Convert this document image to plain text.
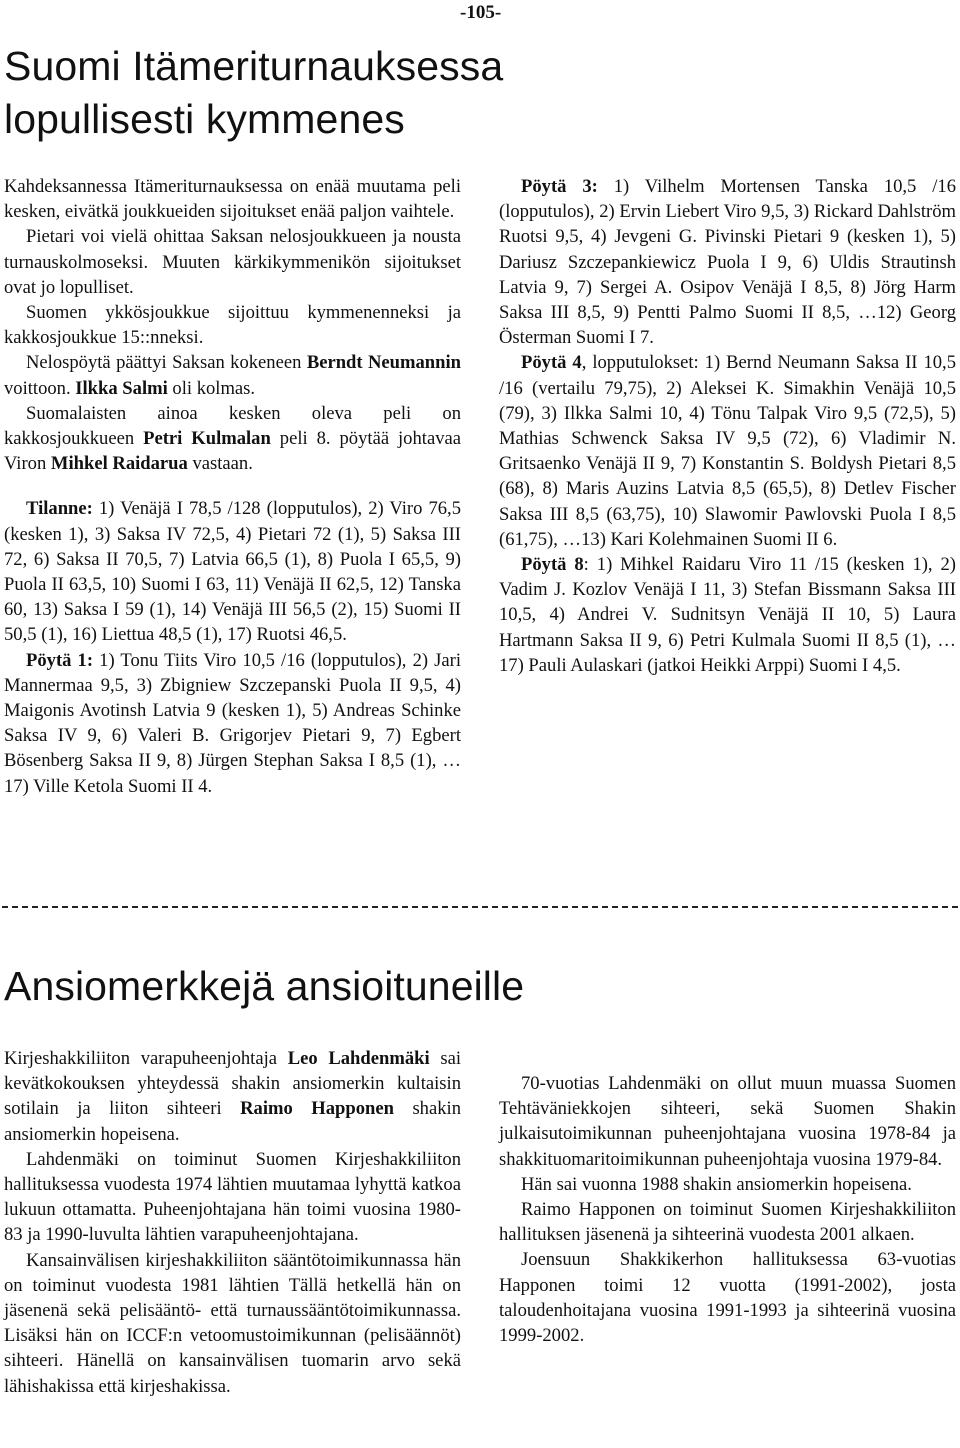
-105-
Suomi Itämeriturnauksessa
lopullisesti kymmenes

Kahdeksannessa Itämeriturnauksessa on enää muutama peli kesken, eivätkä joukkueiden sijoitukset enää paljon vaihtele.

Pietari voi vielä ohittaa Saksan nelosjoukkueen ja nousta turnauskolmoseksi. Muuten kärkikymmenikön sijoitukset ovat jo lopulliset.

Suomen ykkösjoukkue sijoittuu kymmenenneksi ja kakkosjoukkue 15::nneksi.

Nelospöytä päättyi Saksan kokeneen Berndt Neumannin voittoon. Ilkka Salmi oli kolmas.

Suomalaisten ainoa kesken oleva peli on kakkosjoukkueen Petri Kulmalan peli 8. pöytää johtavaa Viron Mihkel Raidarua vastaan.

Tilanne: 1) Venäjä I 78,5 /128 (lopputulos), 2) Viro 76,5 (kesken 1), 3) Saksa IV 72,5, 4) Pietari 72 (1), 5) Saksa III 72, 6) Saksa II 70,5, 7) Latvia 66,5 (1), 8) Puola I 65,5, 9) Puola II 63,5, 10) Suomi I 63, 11) Venäjä II 62,5, 12) Tanska 60, 13) Saksa I 59 (1), 14) Venäjä III 56,5 (2), 15) Suomi II 50,5 (1), 16) Liettua 48,5 (1), 17) Ruotsi 46,5.

Pöytä 1: 1) Tonu Tiits Viro 10,5 /16 (lopputulos), 2) Jari Mannermaa 9,5, 3) Zbigniew Szczepanski Puola II 9,5, 4) Maigonis Avotinsh Latvia 9 (kesken 1), 5) Andreas Schinke Saksa IV 9, 6) Valeri B. Grigorjev Pietari 9, 7) Egbert Bösenberg Saksa II 9, 8) Jürgen Stephan Saksa I 8,5 (1), …17) Ville Ketola Suomi II 4.

Pöytä 3: 1) Vilhelm Mortensen Tanska 10,5 /16 (lopputulos), 2) Ervin Liebert Viro 9,5, 3) Rickard Dahlström Ruotsi 9,5, 4) Jevgeni G. Pivinski Pietari 9 (kesken 1), 5) Dariusz Szczepankiewicz Puola I 9, 6) Uldis Strautinsh Latvia 9, 7) Sergei A. Osipov Venäjä I 8,5, 8) Jörg Harm Saksa III 8,5, 9) Pentti Palmo Suomi II 8,5, …12) Georg Österman Suomi I 7.

Pöytä 4, lopputulokset: 1) Bernd Neumann Saksa II 10,5 /16 (vertailu 79,75), 2) Aleksei K. Simakhin Venäjä 10,5 (79), 3) Ilkka Salmi 10, 4) Tönu Talpak Viro 9,5 (72,5), 5) Mathias Schwenck Saksa IV 9,5 (72), 6) Vladimir N. Gritsaenko Venäjä II 9, 7) Konstantin S. Boldysh Pietari 8,5 (68), 8) Maris Auzins Latvia 8,5 (65,5), 8) Detlev Fischer Saksa III 8,5 (63,75), 10) Slawomir Pawlovski Puola I 8,5 (61,75), …13) Kari Kolehmainen Suomi II 6.

Pöytä 8: 1) Mihkel Raidaru Viro 11 /15 (kesken 1), 2) Vadim J. Kozlov Venäjä I 11, 3) Stefan Bissmann Saksa III 10,5, 4) Andrei V. Sudnitsyn Venäjä II 10, 5) Laura Hartmann Saksa II 9, 6) Petri Kulmala Suomi II 8,5 (1), …17) Pauli Aulaskari (jatkoi Heikki Arppi) Suomi I 4,5.

Ansiomerkkejä ansioituneille

Kirjeshakkiliiton varapuheenjohtaja Leo Lahdenmäki sai kevätkokouksen yhteydessä shakin ansiomerkin kultaisin sotilain ja liiton sihteeri Raimo Happonen shakin ansiomerkin hopeisena.

Lahdenmäki on toiminut Suomen Kirjeshakkiliiton hallituksessa vuodesta 1974 lähtien muutamaa lyhyttä katkoa lukuun ottamatta. Puheenjohtajana hän toimi vuosina 1980-83 ja 1990-luvulta lähtien varapuheenjohtajana.

Kansainvälisen kirjeshakkiliiton sääntötoimikunnassa hän on toiminut vuodesta 1981 lähtien Tällä hetkellä hän on jäsenenä sekä pelisääntö- että turnaussääntötoimikunnassa. Lisäksi hän on ICCF:n vetoomustoimikunnan (pelisäännöt) sihteeri. Hänellä on kansainvälisen tuomarin arvo sekä lähishakissa että kirjeshakissa.

70-vuotias Lahdenmäki on ollut muun muassa Suomen Tehtäväniekkojen sihteeri, sekä Suomen Shakin julkaisutoimikunnan puheenjohtajana vuosina 1978-84 ja shakkituomaritoimikunnan puheenjohtaja vuosina 1979-84.

Hän sai vuonna 1988 shakin ansiomerkin hopeisena.

Raimo Happonen on toiminut Suomen Kirjeshakkiliiton hallituksen jäsenenä ja sihteerinä vuodesta 2001 alkaen.

Joensuun Shakkikerhon hallituksessa 63-vuotias Happonen toimi 12 vuotta (1991-2002), josta taloudenhoitajana vuosina 1991-1993 ja sihteerinä vuosina 1999-2002.
